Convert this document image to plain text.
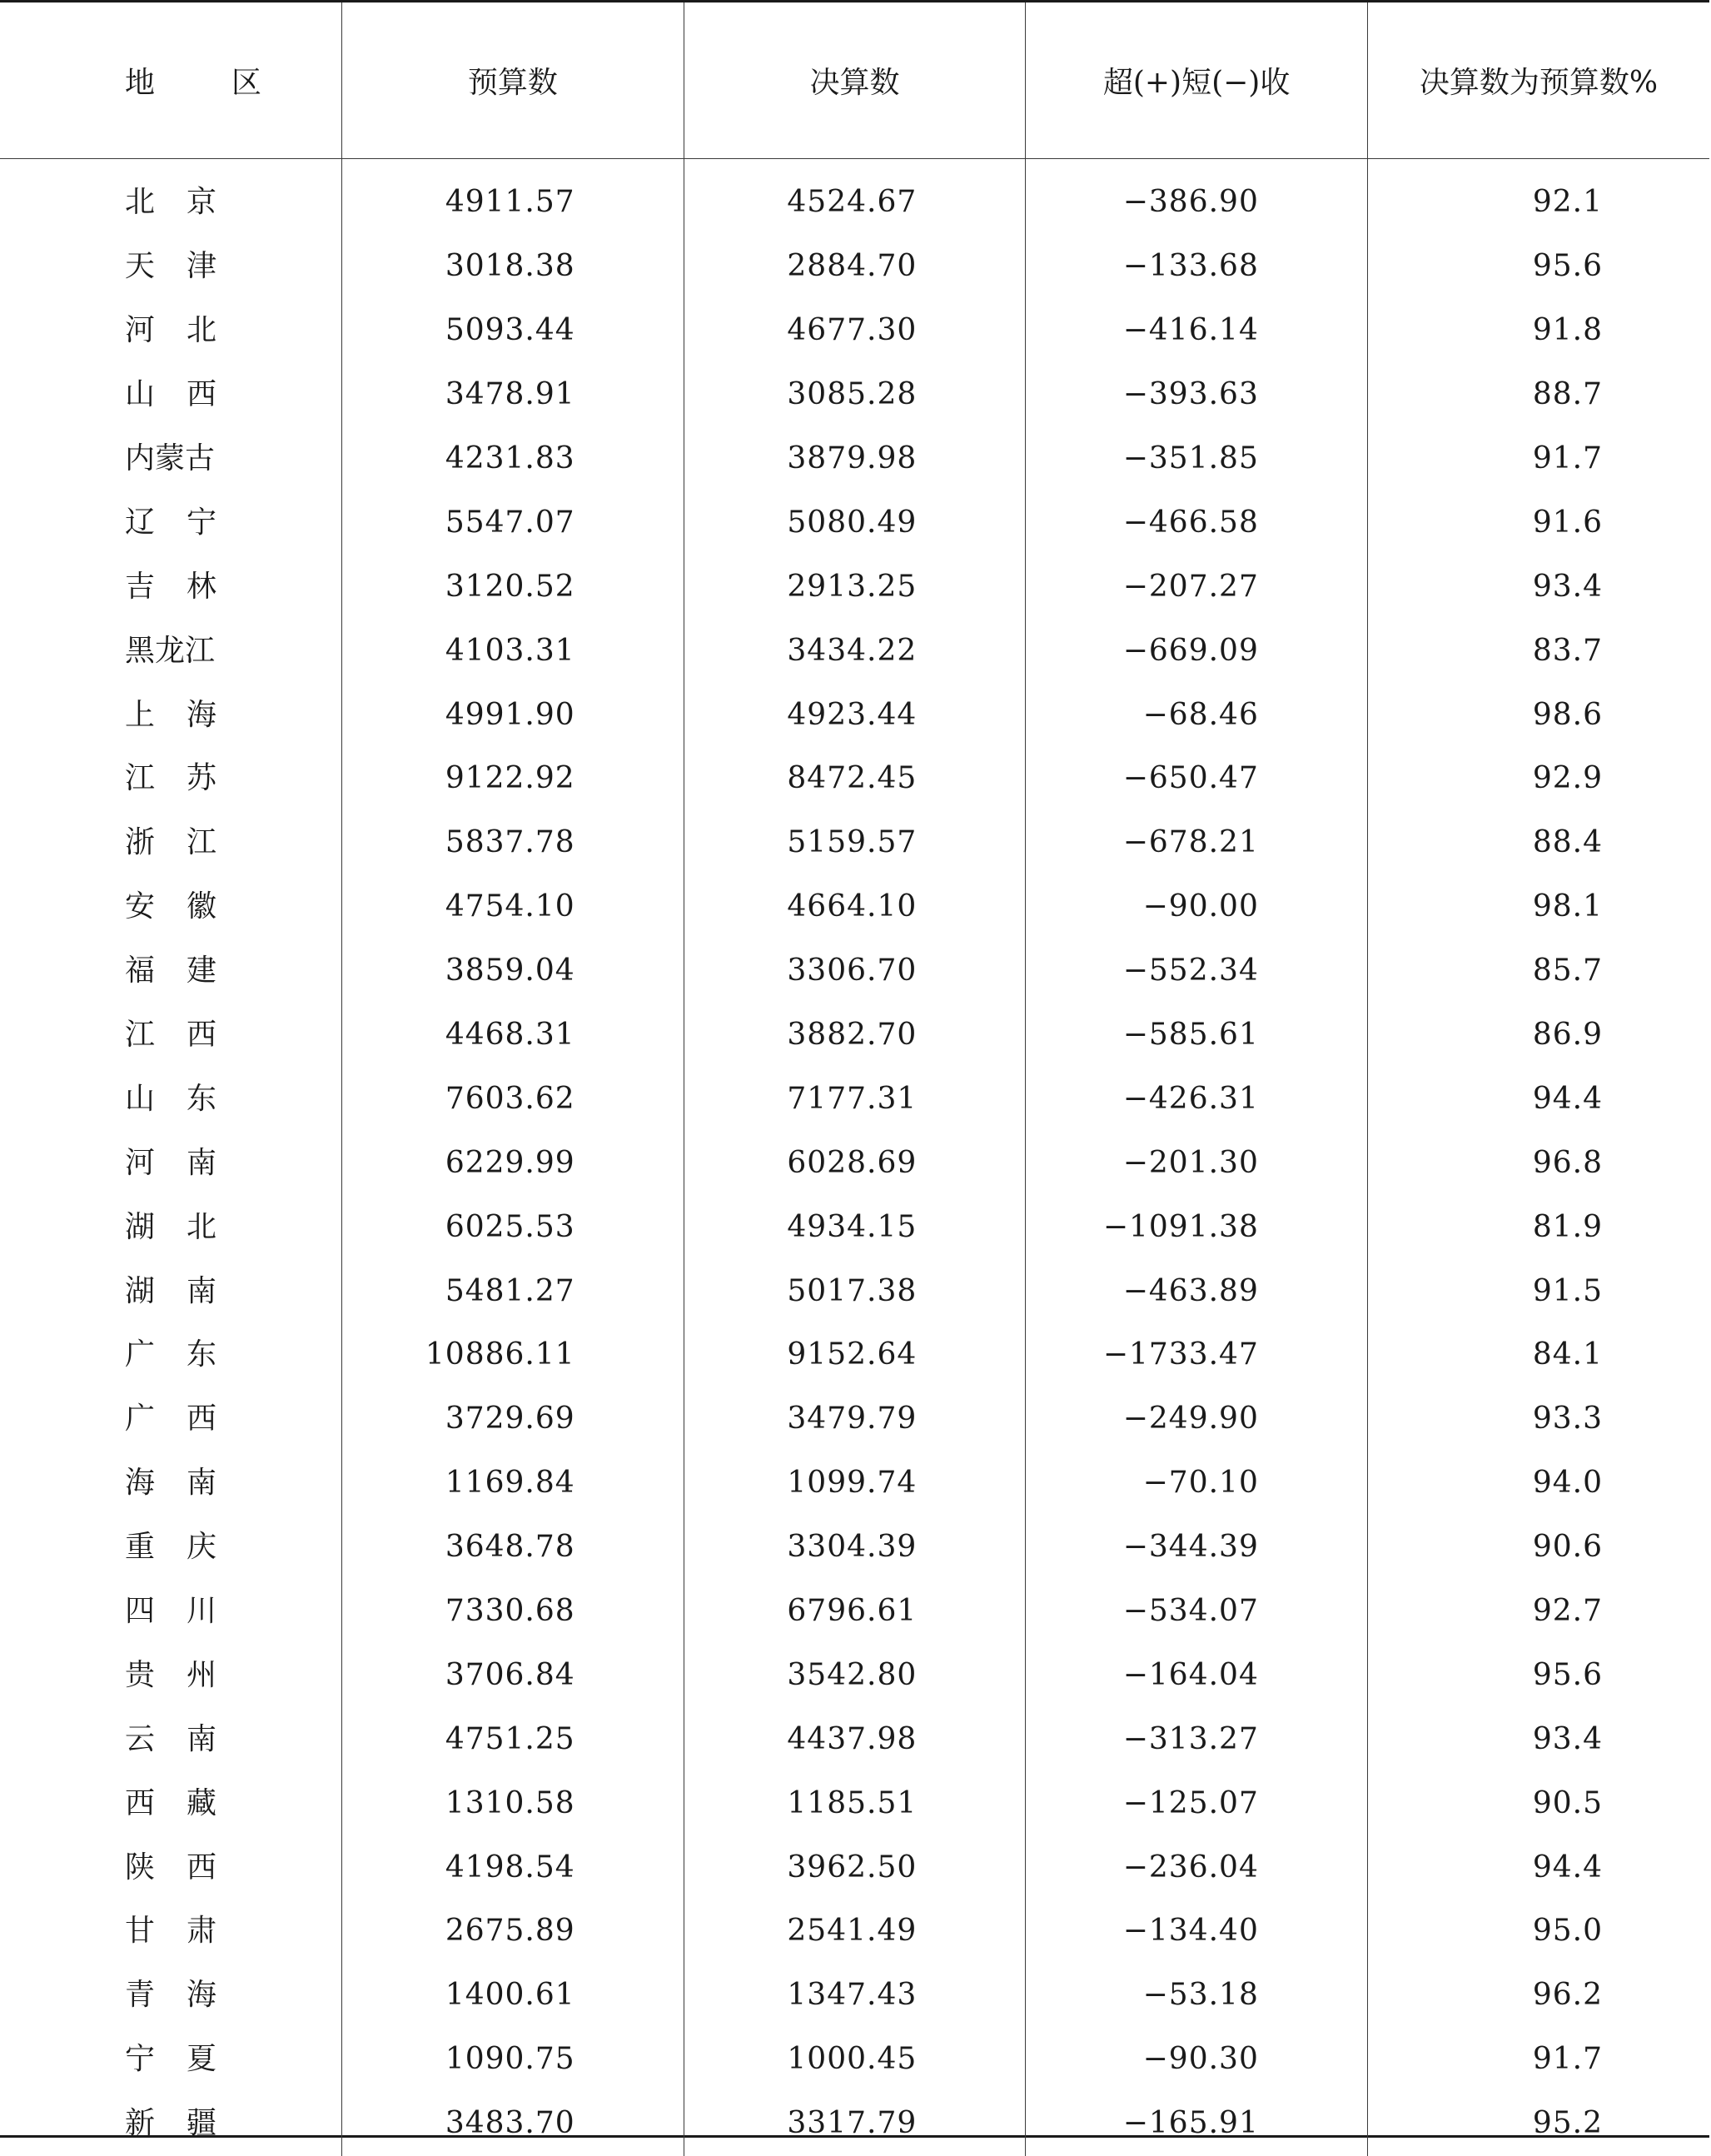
地　区	预算数	决算数	超(+)短(−)收	决算数为预算数%
北京	4911.57	4524.67	−386.90	92.1
天津	3018.38	2884.70	−133.68	95.6
河北	5093.44	4677.30	−416.14	91.8
山西	3478.91	3085.28	−393.63	88.7
内蒙古	4231.83	3879.98	−351.85	91.7
辽宁	5547.07	5080.49	−466.58	91.6
吉林	3120.52	2913.25	−207.27	93.4
黑龙江	4103.31	3434.22	−669.09	83.7
上海	4991.90	4923.44	−68.46	98.6
江苏	9122.92	8472.45	−650.47	92.9
浙江	5837.78	5159.57	−678.21	88.4
安徽	4754.10	4664.10	−90.00	98.1
福建	3859.04	3306.70	−552.34	85.7
江西	4468.31	3882.70	−585.61	86.9
山东	7603.62	7177.31	−426.31	94.4
河南	6229.99	6028.69	−201.30	96.8
湖北	6025.53	4934.15	−1091.38	81.9
湖南	5481.27	5017.38	−463.89	91.5
广东	10886.11	9152.64	−1733.47	84.1
广西	3729.69	3479.79	−249.90	93.3
海南	1169.84	1099.74	−70.10	94.0
重庆	3648.78	3304.39	−344.39	90.6
四川	7330.68	6796.61	−534.07	92.7
贵州	3706.84	3542.80	−164.04	95.6
云南	4751.25	4437.98	−313.27	93.4
西藏	1310.58	1185.51	−125.07	90.5
陕西	4198.54	3962.50	−236.04	94.4
甘肃	2675.89	2541.49	−134.40	95.0
青海	1400.61	1347.43	−53.18	96.2
宁夏	1090.75	1000.45	−90.30	91.7
新疆	3483.70	3317.79	−165.91	95.2
